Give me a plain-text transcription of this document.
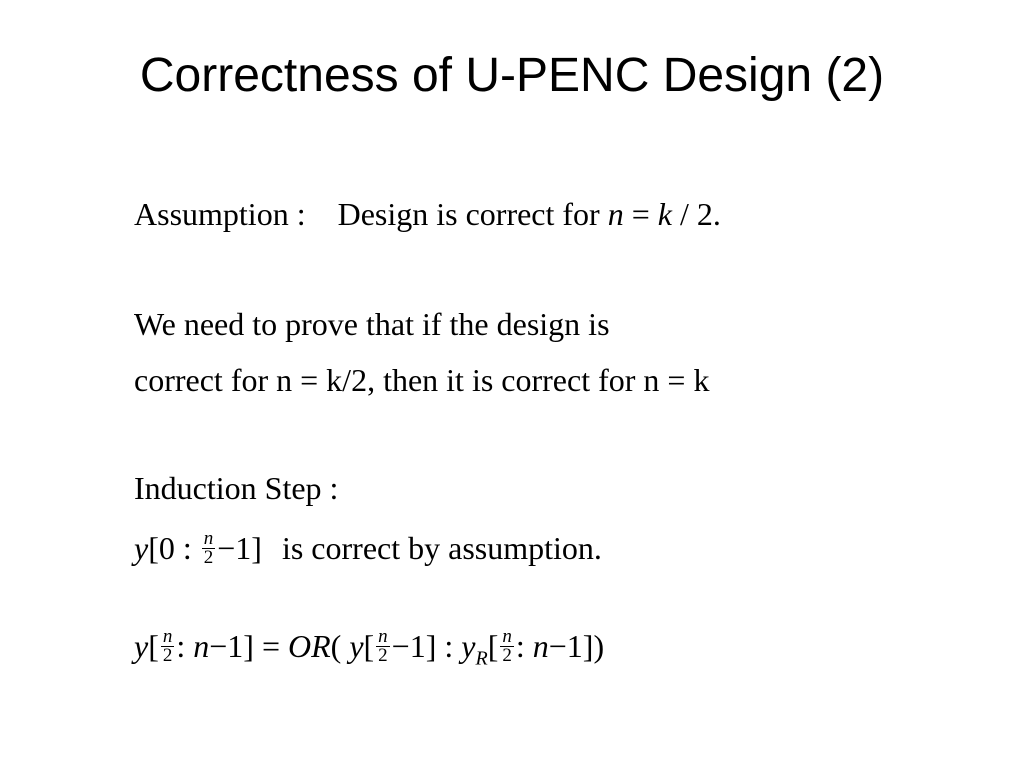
Correctness of U-PENC Design (2)
Assumption : Design is correct for n = k / 2.
We need to prove that if the design is
correct for n = k/2, then it is correct for n = k
Induction Step :
y[0 : $\frac{n}{2} -1$] is correct by assumption.
$y[ \frac{n}{2}$ : n−1] = OR( $y[ \frac{n}{2} -1]$ : $y_R[ \frac{n}{2}$ : n−1])
